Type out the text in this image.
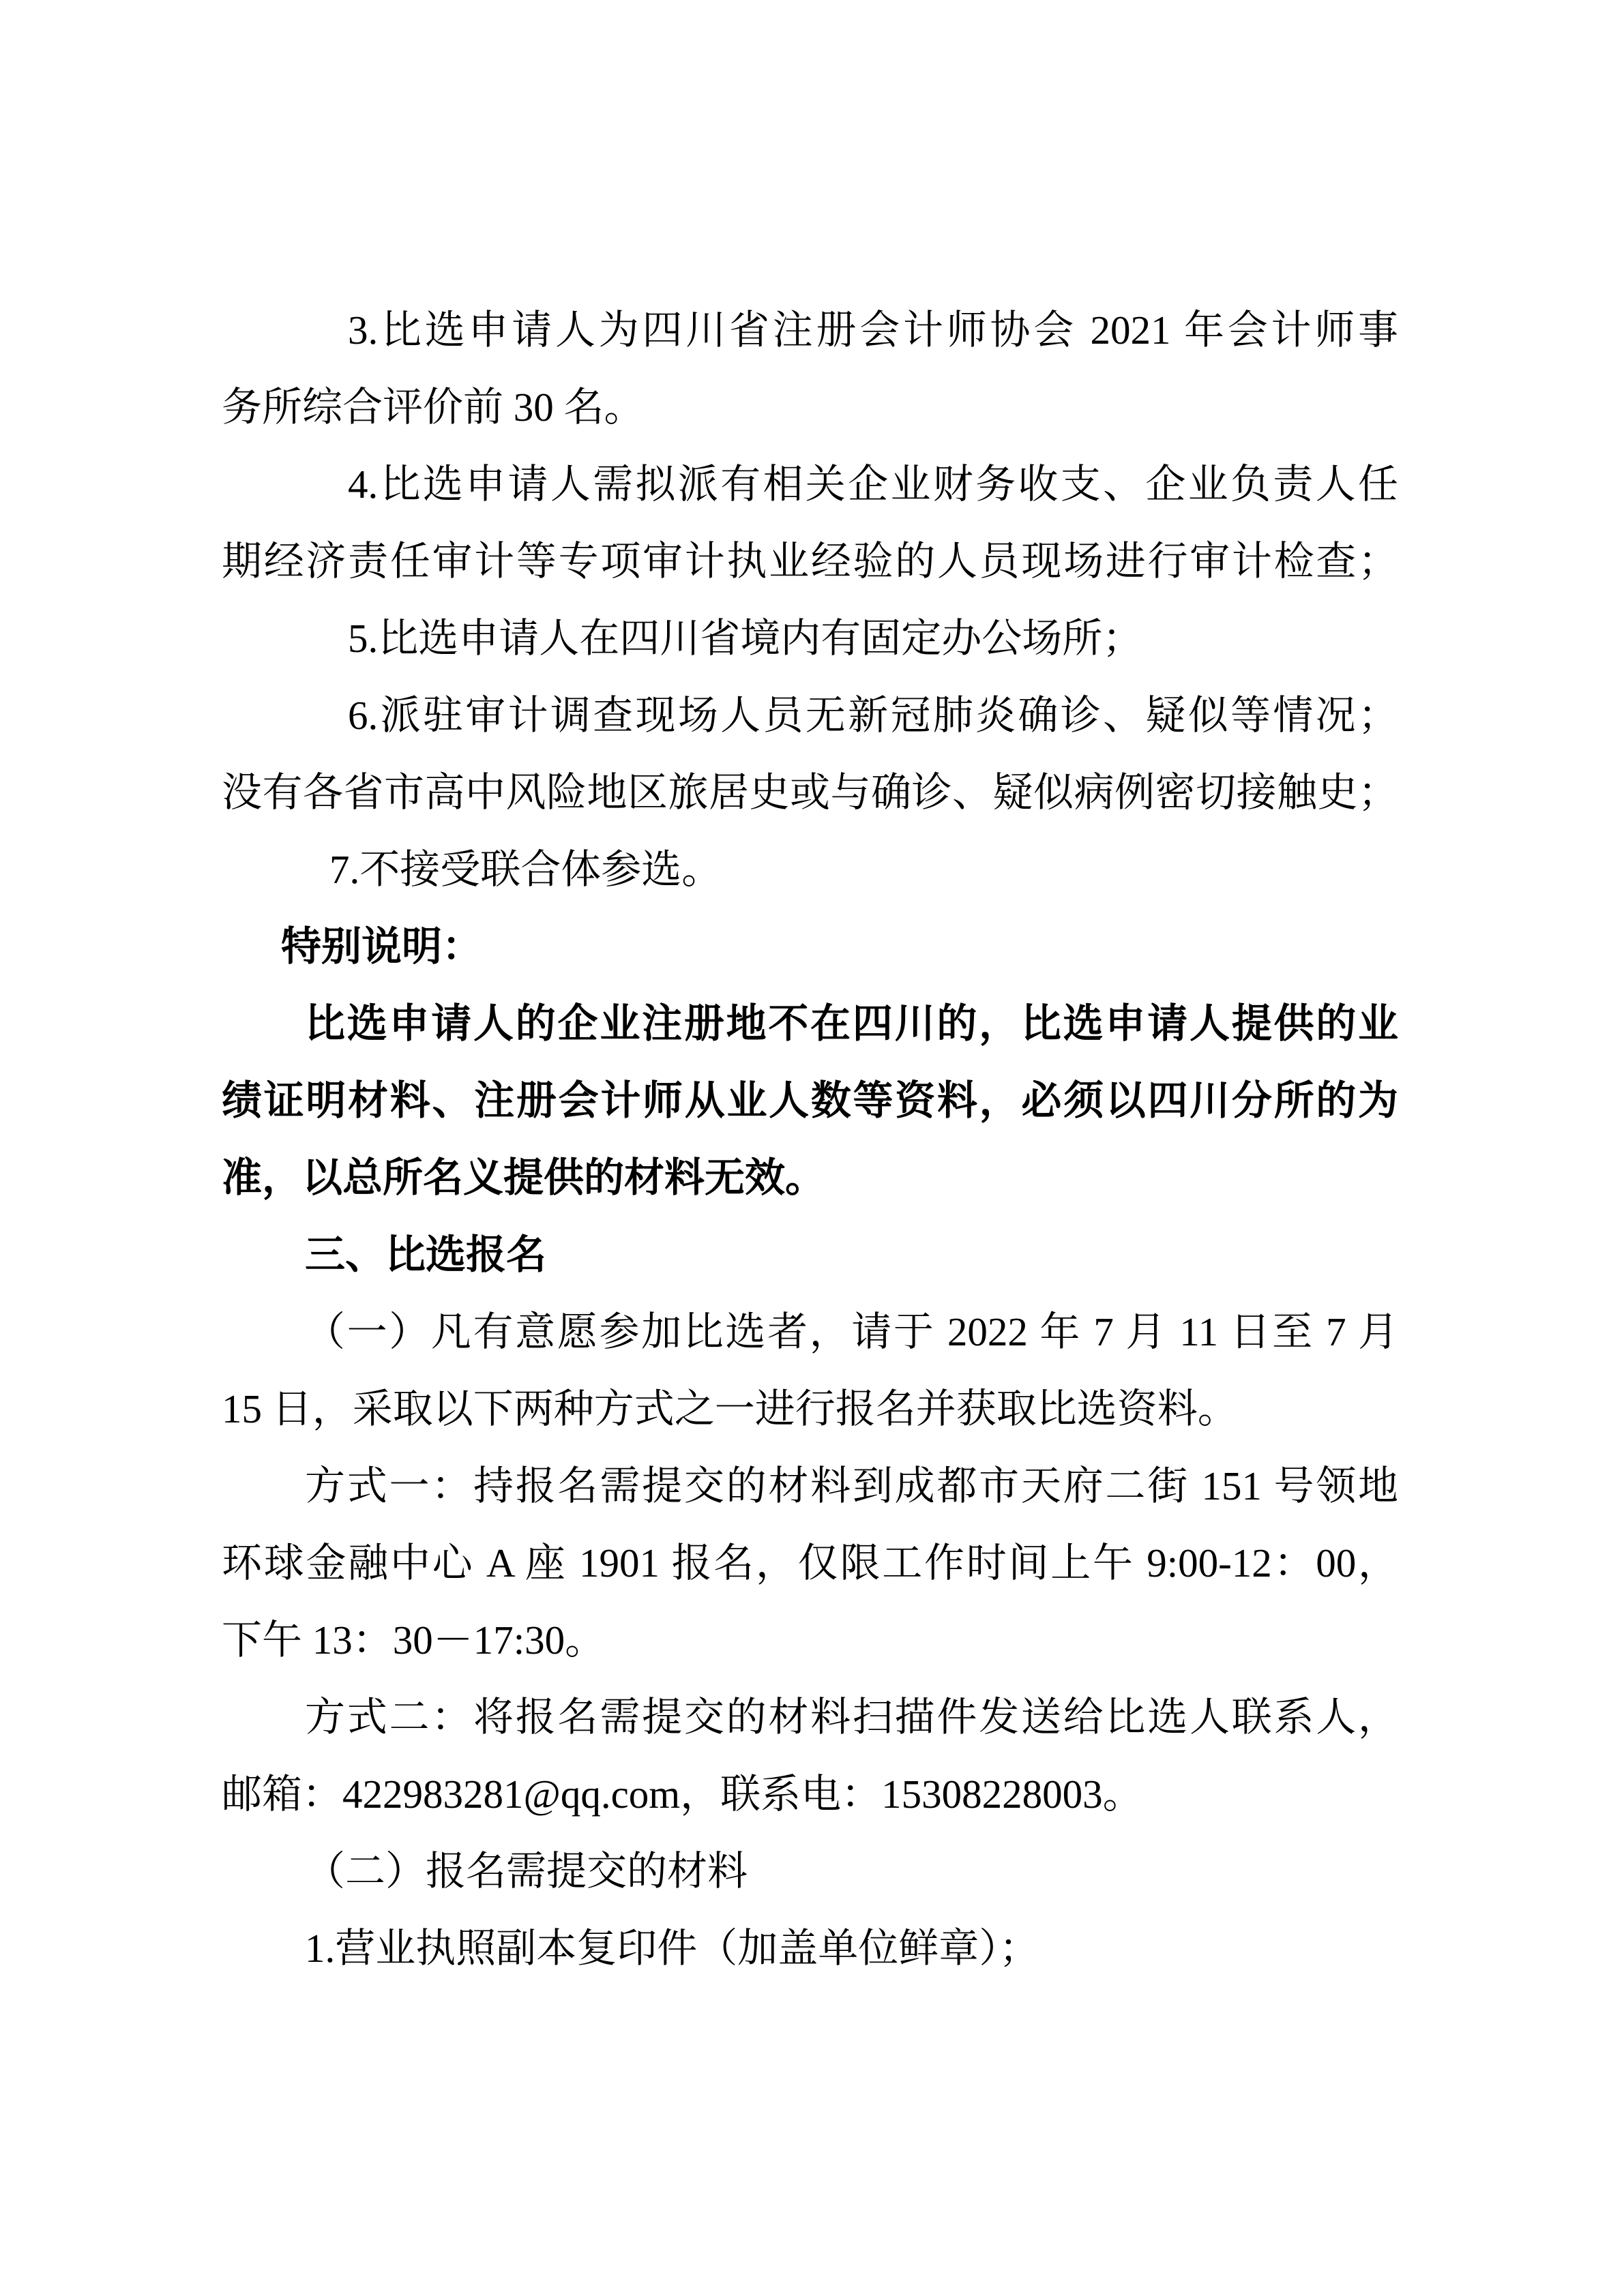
3.比选申请人为四川省注册会计师协会 2021 年会计师事
务所综合评价前 30 名。
4.比选申请人需拟派有相关企业财务收支、企业负责人任
期经济责任审计等专项审计执业经验的人员现场进行审计检查；
5.比选申请人在四川省境内有固定办公场所；
6.派驻审计调查现场人员无新冠肺炎确诊、疑似等情况；
没有各省市高中风险地区旅居史或与确诊、疑似病例密切接触史；
7.不接受联合体参选。
特别说明：
比选申请人的企业注册地不在四川的，比选申请人提供的业
绩证明材料、注册会计师从业人数等资料，必须以四川分所的为
准，以总所名义提供的材料无效。
三、比选报名
（一）凡有意愿参加比选者，请于 2022 年 7 月 11 日至 7 月
15 日，采取以下两种方式之一进行报名并获取比选资料。
方式一：持报名需提交的材料到成都市天府二街 151 号领地
环球金融中心 A 座 1901 报名，仅限工作时间上午 9:00-12：00，
下午 13：30－17:30。
方式二：将报名需提交的材料扫描件发送给比选人联系人，
邮箱：422983281@qq.com，联系电：15308228003。
（二）报名需提交的材料
1.营业执照副本复印件（加盖单位鲜章）；
